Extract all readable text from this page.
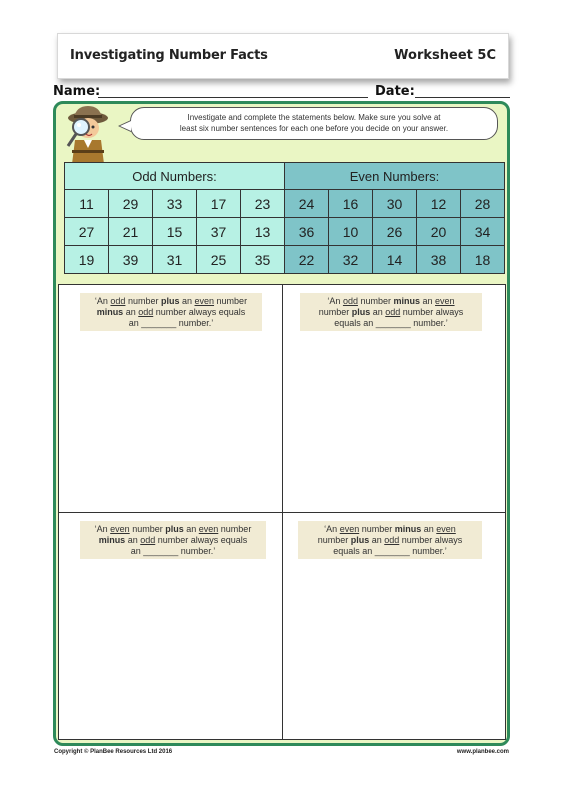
Investigating Number Facts	Worksheet 5C
Name:	Date:
Investigate and complete the statements below. Make sure you solve at
least six number sentences for each one before you decide on your answer.
Odd Numbers:					Even Numbers:				
11	29	33	17	23	24	16	30	12	28
27	21	15	37	13	36	10	26	20	34
19	39	31	25	35	22	32	14	38	18
‘An odd number plus an even number
minus an odd number always equals
an _______ number.’
‘An odd number minus an even
number plus an odd number always
equals an _______ number.’
‘An even number plus an even number
minus an odd number always equals
an _______ number.’
‘An even number minus an even
number plus an odd number always
equals an _______ number.’
Copyright © PlanBee Resources Ltd 2016	www.planbee.com
